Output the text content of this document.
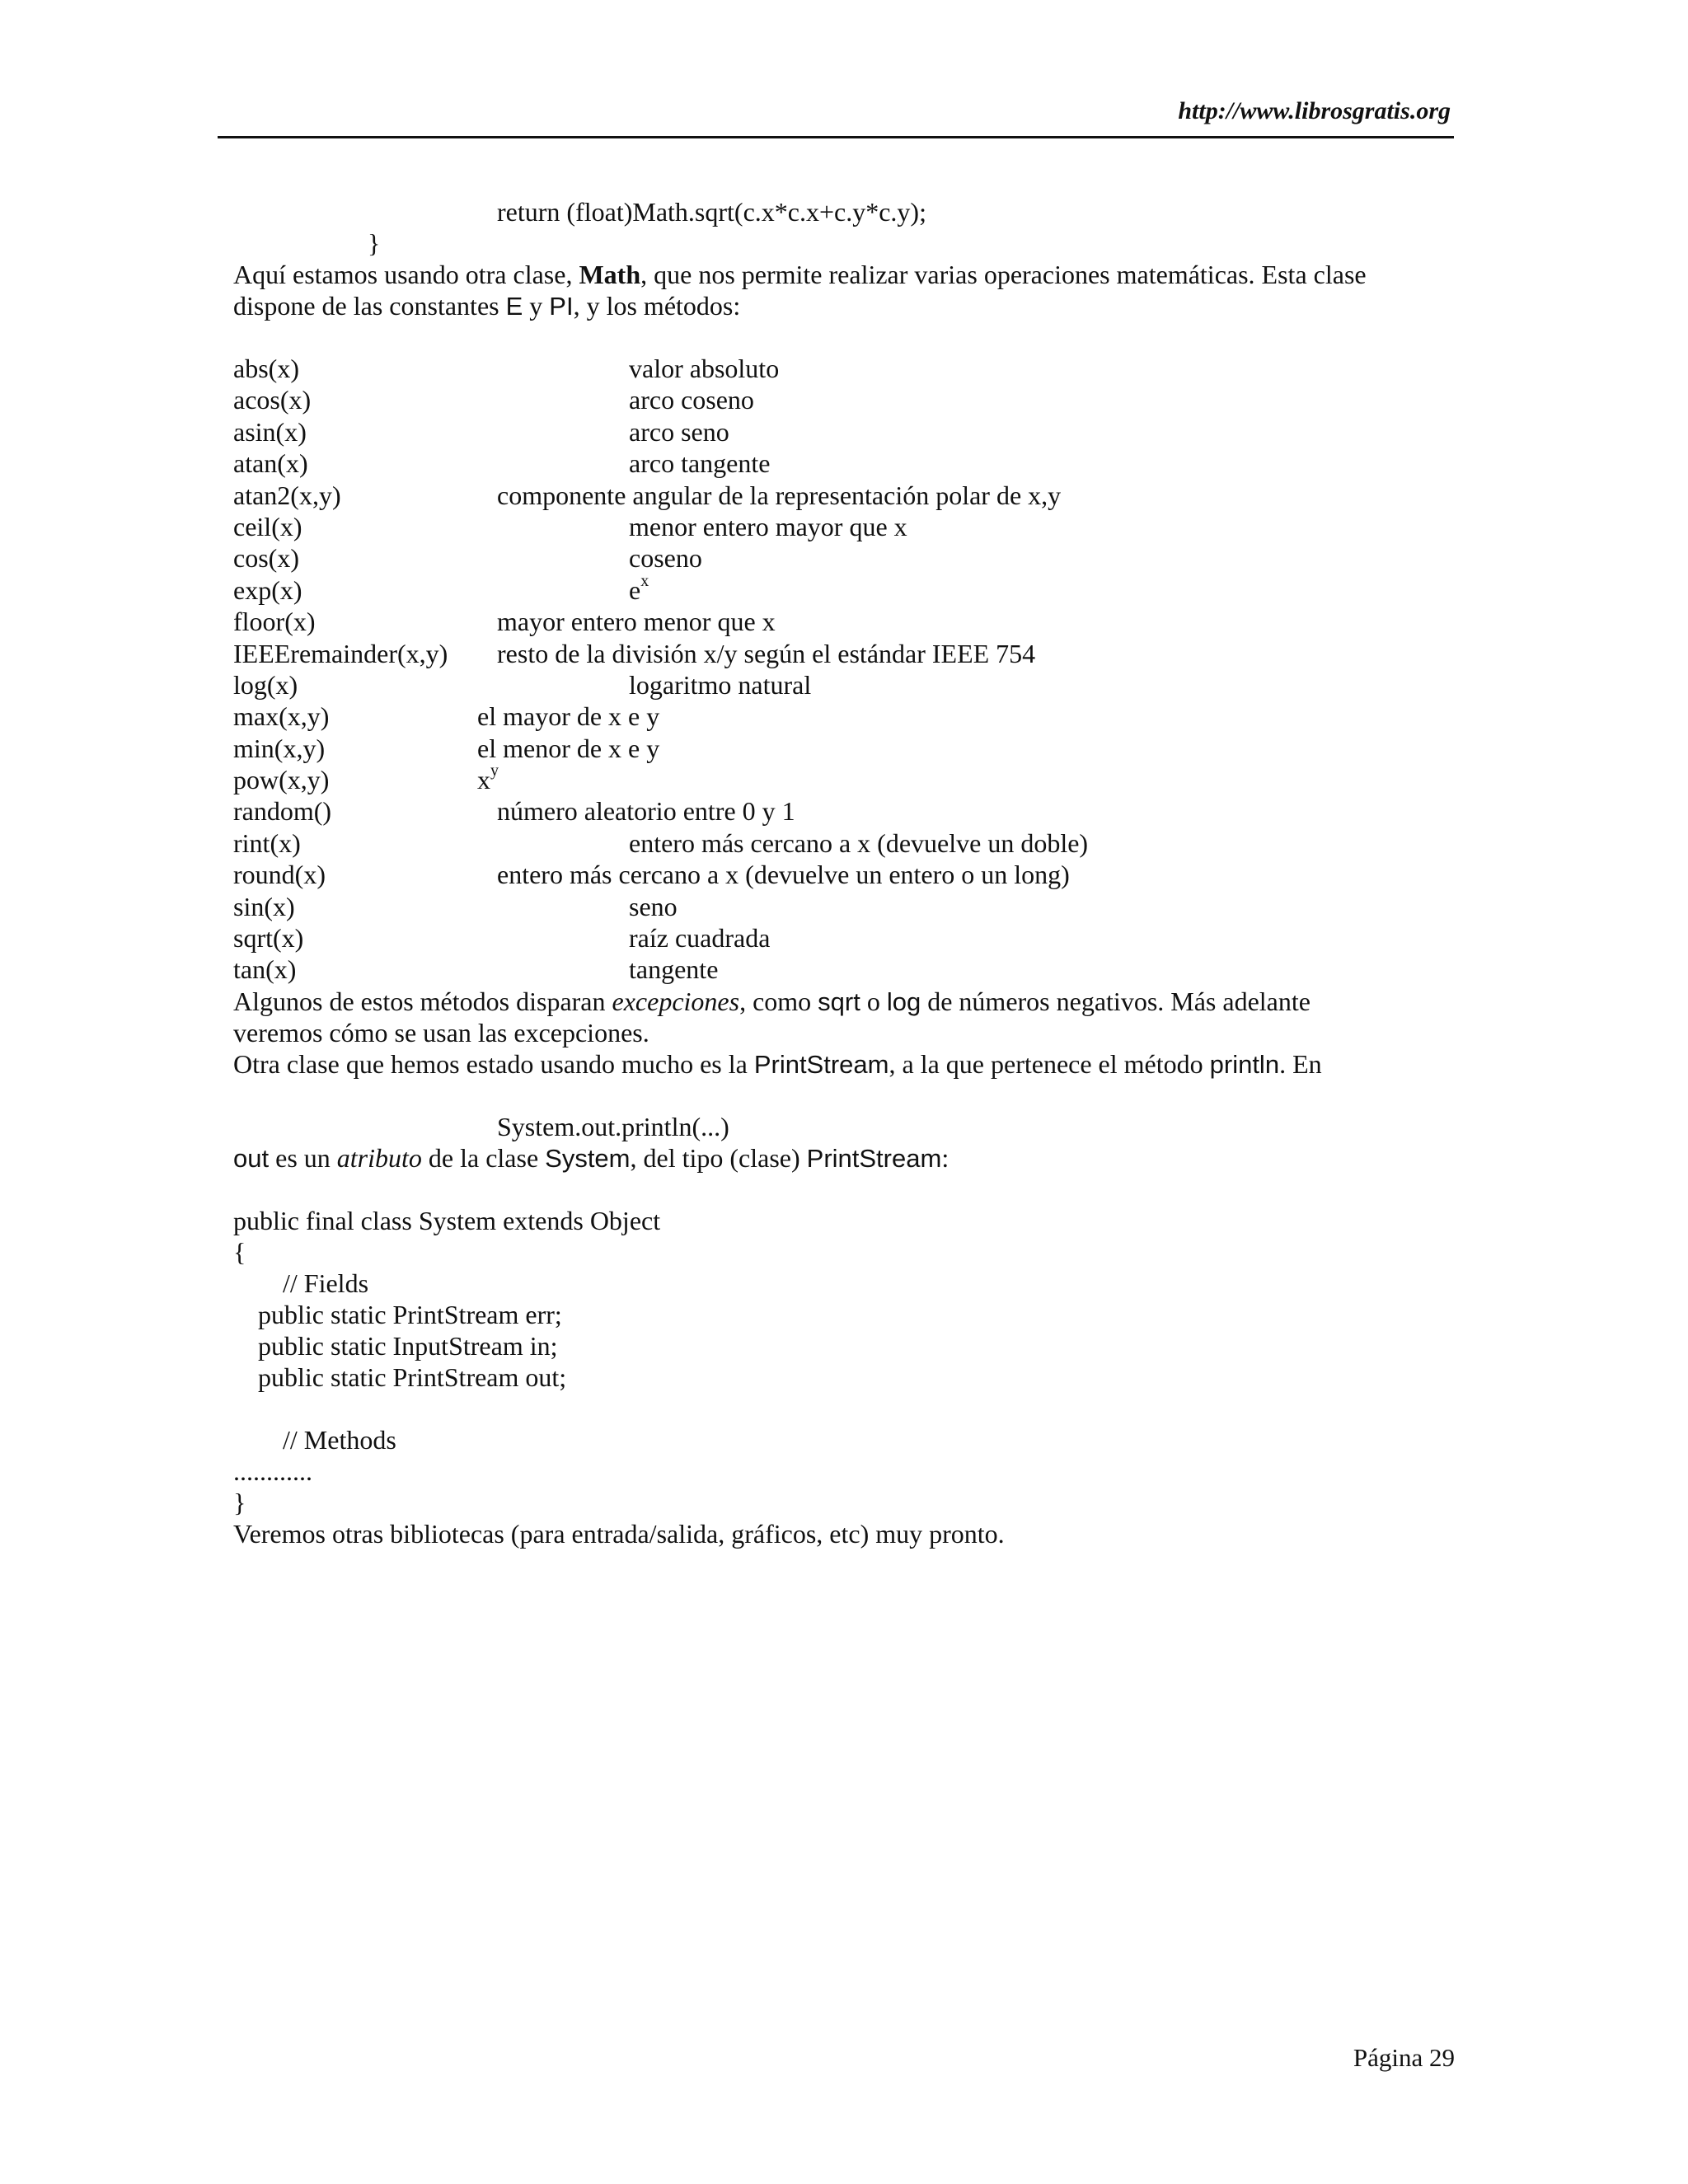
http://www.librosgratis.org
return (float)Math.sqrt(c.x*c.x+c.y*c.y);
}
Aquí estamos usando otra clase, Math, que nos permite realizar varias operaciones matemáticas. Esta clase
dispone de las constantes E y PI, y los métodos:
abs(x)	valor absoluto
acos(x)	arco coseno
asin(x)	arco seno
atan(x)	arco tangente
atan2(x,y)	componente angular de la representación polar de x,y
ceil(x)	menor entero mayor que x
cos(x)	coseno
exp(x)	$e^x$
floor(x)	mayor entero menor que x
IEEEremainder(x,y)	resto de la división x/y según el estándar IEEE 754
log(x)	logaritmo natural
max(x,y)	el mayor de x e y
min(x,y)	el menor de x e y
pow(x,y)	$x^y$
random()	número aleatorio entre 0 y 1
rint(x)	entero más cercano a x (devuelve un doble)
round(x)	entero más cercano a x (devuelve un entero o un long)
sin(x)	seno
sqrt(x)	raíz cuadrada
tan(x)	tangente
Algunos de estos métodos disparan excepciones, como sqrt o log de números negativos. Más adelante
veremos cómo se usan las excepciones.
Otra clase que hemos estado usando mucho es la PrintStream, a la que pertenece el método println. En
System.out.println(...)
out es un atributo de la clase System, del tipo (clase) PrintStream:
public final class System extends Object
{
// Fields
public static PrintStream err;
public static InputStream in;
public static PrintStream out;
// Methods
............
}
Veremos otras bibliotecas (para entrada/salida, gráficos, etc) muy pronto.
Página 29
